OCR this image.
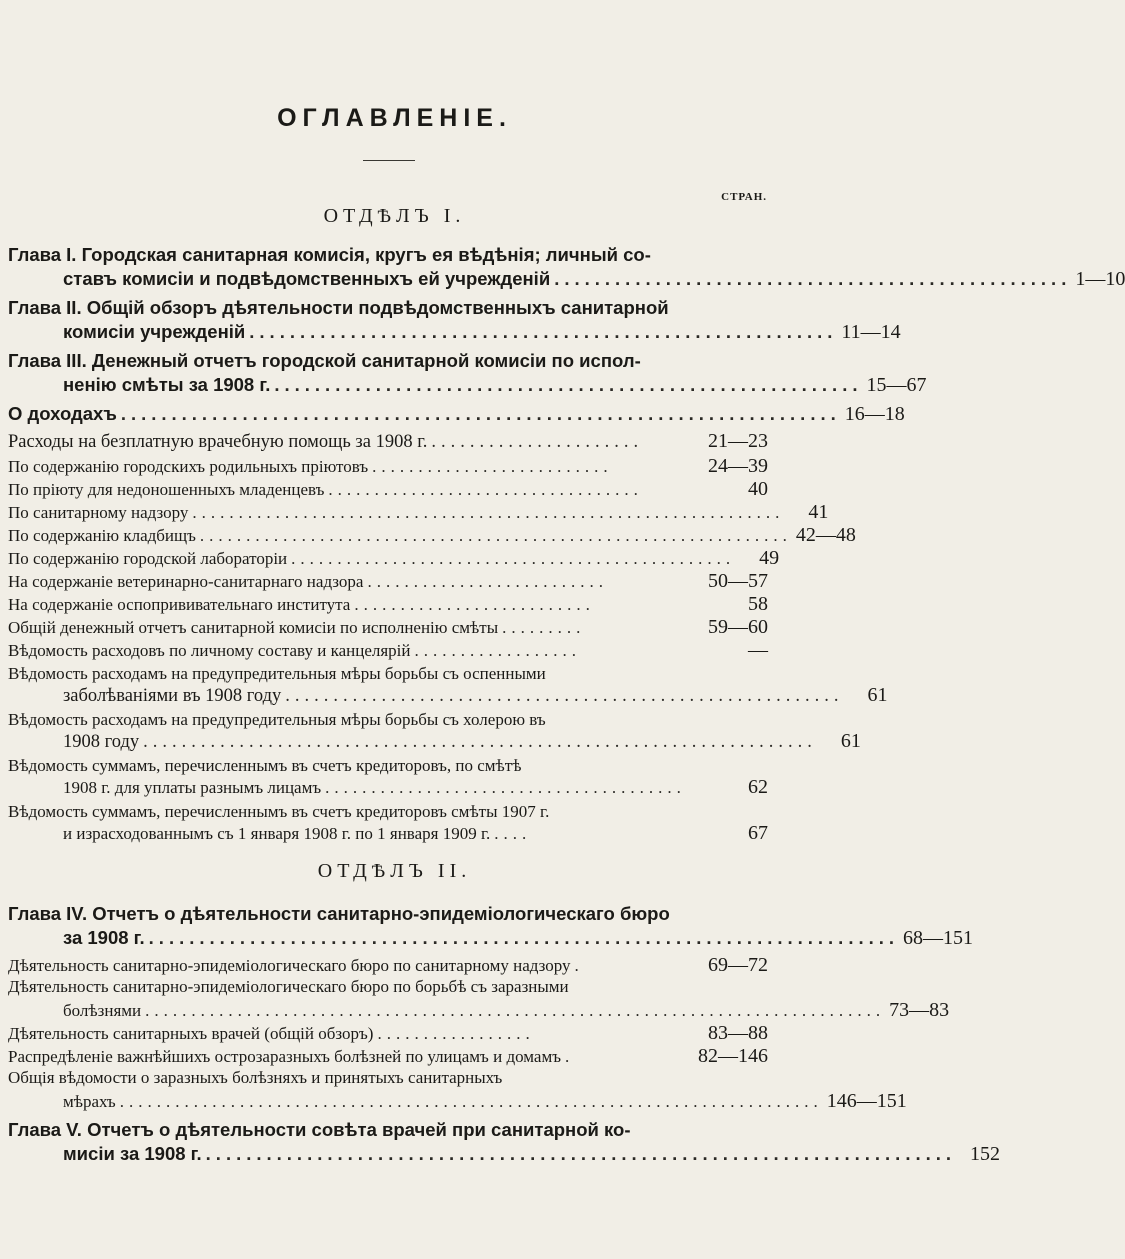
ОГЛАВЛЕНIЕ.
СТРАН.
ОТДѢЛЪ I.
Глава I. Городская санитарная комисія, кругъ ея вѣдѣнія; личный со-
ставъ комисіи и подвѣдомственныхъ ей учрежденій ................................................... 1—10
Глава II. Общій обзоръ дѣятельности подвѣдомственныхъ санитарной
комисіи учрежденій .......................................................... 11—14
Глава III. Денежный отчетъ городской санитарной комисіи по испол-
ненію смѣты за 1908 г. .......................................................... 15—67
О доходахъ ....................................................................... 16—18
Расходы на безплатную врачебную помощь за 1908 г. ......................	21—23
По содержанію городскихъ родильныхъ пріютовъ ..........................	24—39
По пріюту для недоношенныхъ младенцевъ ..................................	40
По санитарному надзору ................................................................	41
По содержанію кладбищъ ................................................................ 42—48
По содержанію городской лабораторіи ................................................	49
На содержаніе ветеринарно-санитарнаго надзора ..........................	50—57
На содержаніе оспопрививательнаго института ..........................	58
Общій денежный отчетъ санитарной комисіи по исполненію смѣты .........	59—60
Вѣдомость расходовъ по личному составу и канцелярій ..................	—
Вѣдомость расходамъ на предупредительныя мѣры борьбы съ оспенными
заболѣваніями въ 1908 году ..........................................................	61
Вѣдомость расходамъ на предупредительныя мѣры борьбы съ холерою въ
1908 году ......................................................................	61
Вѣдомость суммамъ, перечисленнымъ въ счетъ кредиторовъ, по смѣтѣ
1908 г. для уплаты разнымъ лицамъ .......................................	62
Вѣдомость суммамъ, перечисленнымъ въ счетъ кредиторовъ смѣты 1907 г.
и израсходованнымъ съ 1 января 1908 г. по 1 января 1909 г. ....	67
ОТДѢЛЪ II.
Глава IV. Отчетъ о дѣятельности санитарно-эпидеміологическаго бюро
за 1908 г. .......................................................................... 68—151
Дѣятельность санитарно-эпидеміологическаго бюро по санитарному надзору .	69—72
Дѣятельность санитарно-эпидеміологическаго бюро по борьбѣ съ заразными
болѣзнями ................................................................................ 73—83
Дѣятельность санитарныхъ врачей (общій обзоръ) .................	83—88
Распредѣленіе важнѣйшихъ острозаразныхъ болѣзней по улицамъ и домамъ .	82—146
Общія вѣдомости о заразныхъ болѣзняхъ и принятыхъ санитарныхъ
мѣрахъ ............................................................................ 146—151
Глава V. Отчетъ о дѣятельности совѣта врачей при санитарной ко-
мисіи за 1908 г. .......................................................................... 152
